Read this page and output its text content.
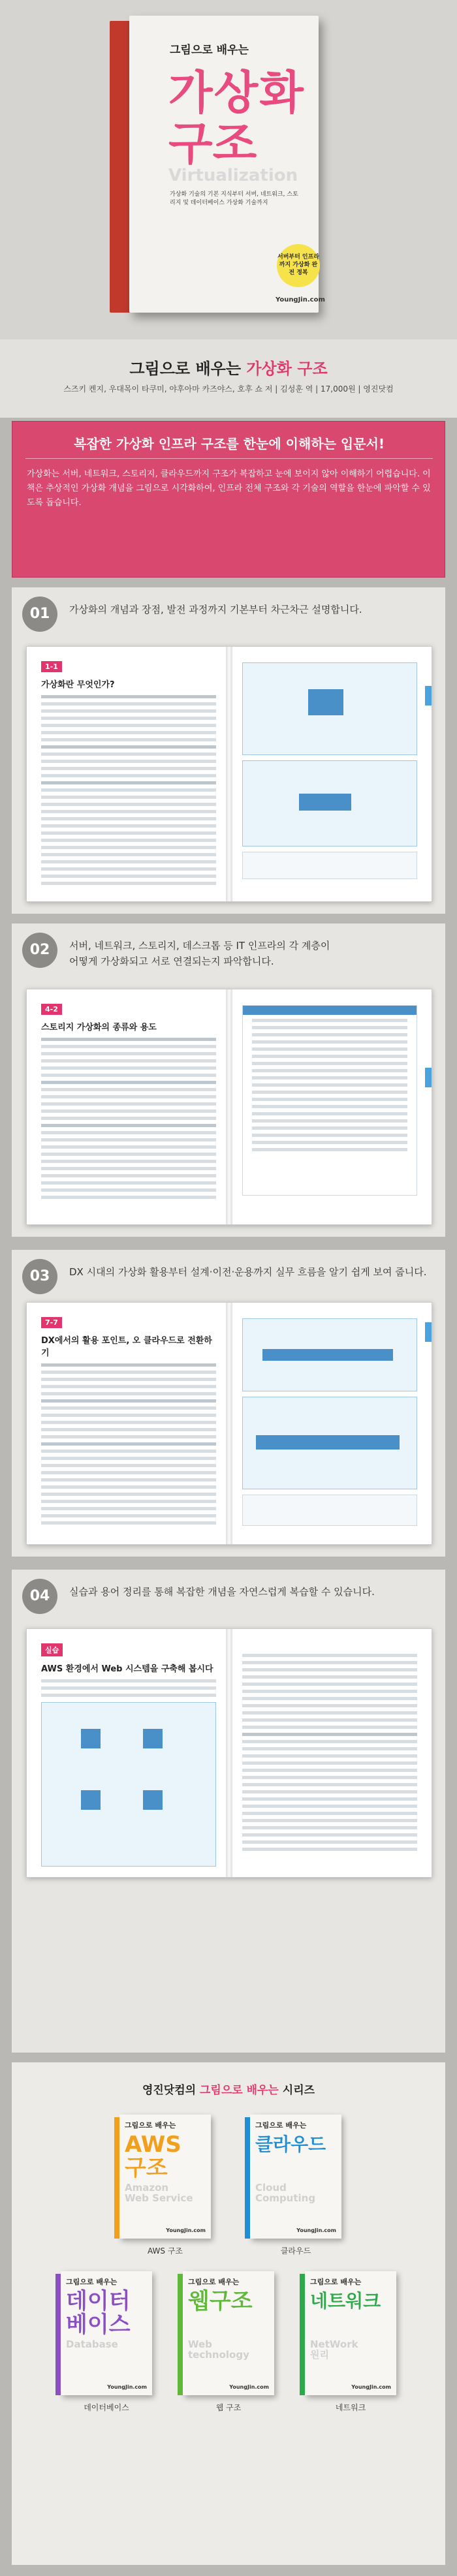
그림으로 배우는
가상화
구조
Virtualization
가상화 기술의 기본 지식부터 서버, 네트워크, 스토리지 및 데이터베이스 가상화 기술까지
서버부터 인프라까지 가상화 완전 정복
YoungJin.com
그림으로 배우는 가상화 구조
스즈키 켄지, 우대목이 타쿠미, 야후아마 카즈야스, 호후 쇼 저 | 김성훈 역 | 17,000원 | 영진닷컴
복잡한 가상화 인프라 구조를 한눈에 이해하는 입문서!
가상화는 서버, 네트워크, 스토리지, 클라우드까지 구조가 복잡하고 눈에 보이지 않아 이해하기 어렵습니다. 이 책은 추상적인 가상화 개념을 그림으로 시각화하여, 인프라 전체 구조와 각 기술의 역할을 한눈에 파악할 수 있도록 돕습니다.
01	가상화의 개념과 장점, 발전 과정까지 기본부터 차근차근 설명합니다.
1-1
가상화란 무엇인가?
02	서버, 네트워크, 스토리지, 데스크톱 등 IT 인프라의 각 계층이
어떻게 가상화되고 서로 연결되는지 파악합니다.
4-2
스토리지 가상화의 종류와 용도
03	DX 시대의 가상화 활용부터 설계·이전·운용까지 실무 흐름을 알기 쉽게 보여 줍니다.
7-7
DX에서의 활용 포인트, 오 클라우드로 전환하기
04	실습과 용어 정리를 통해 복잡한 개념을 자연스럽게 복습할 수 있습니다.
실습
AWS 환경에서 Web 시스템을 구축해 봅시다

영진닷컴의 그림으로 배우는 시리즈
그림으로 배우는
AWS
구조
Amazon
Web Service
YoungJin.com
AWS 구조
그림으로 배우는
클라우드
Cloud
Computing
YoungJin.com
클라우드
그림으로 배우는
데이터
베이스
Database
YoungJin.com
데이터베이스
그림으로 배우는
웹구조
Web
technology
YoungJin.com
웹 구조
그림으로 배우는
네트워크
NetWork
원리
YoungJin.com
네트워크
